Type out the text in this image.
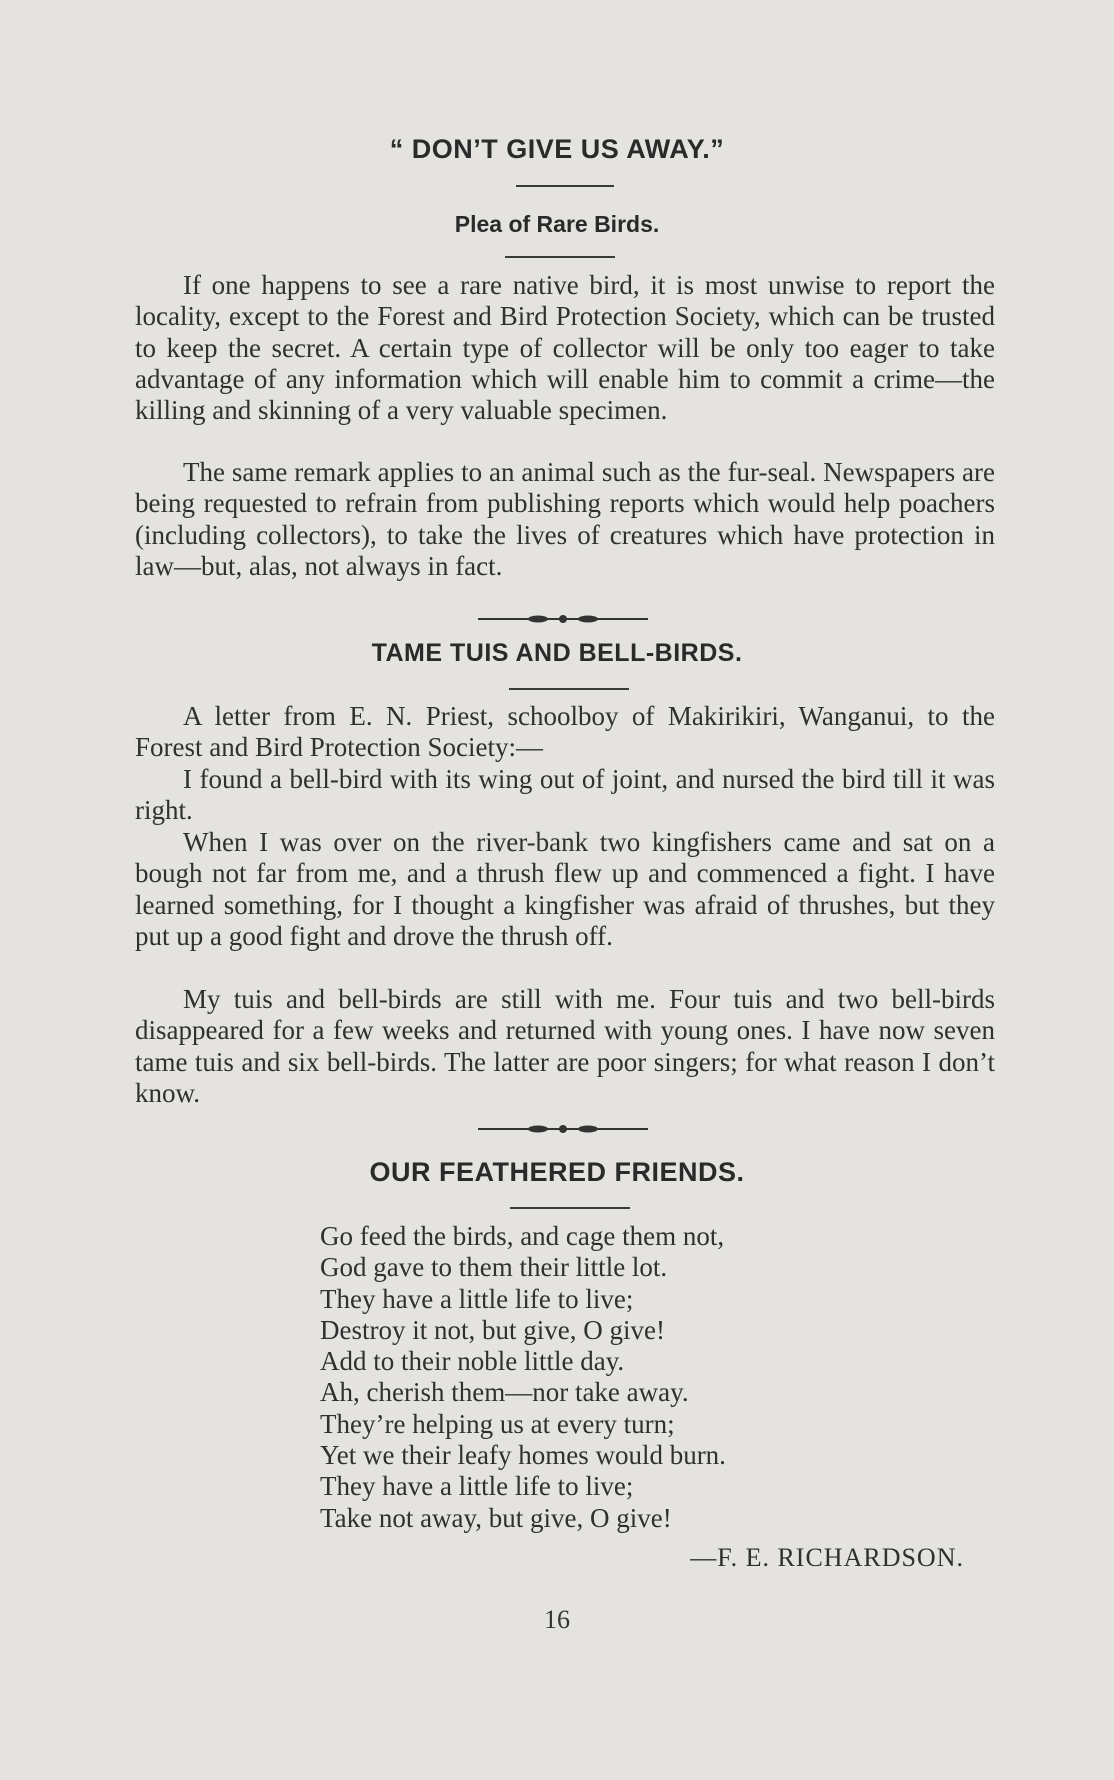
“ DON’T GIVE US AWAY.”
Plea of Rare Birds.

If one happens to see a rare native bird, it is most unwise to report the locality, except to the Forest and Bird Protection Society, which can be trusted to keep the secret. A certain type of collector will be only too eager to take advantage of any information which will enable him to commit a crime—the killing and skinning of a very valuable specimen.

The same remark applies to an animal such as the fur-seal. Newspapers are being requested to refrain from publishing reports which would help poachers (including collectors), to take the lives of creatures which have protection in law—but, alas, not always in fact.

TAME TUIS AND BELL-BIRDS.

A letter from E. N. Priest, schoolboy of Makirikiri, Wanganui, to the Forest and Bird Protection Society:—

I found a bell-bird with its wing out of joint, and nursed the bird till it was right.

When I was over on the river-bank two kingfishers came and sat on a bough not far from me, and a thrush flew up and commenced a fight. I have learned something, for I thought a kingfisher was afraid of thrushes, but they put up a good fight and drove the thrush off.

My tuis and bell-birds are still with me. Four tuis and two bell-birds disappeared for a few weeks and returned with young ones. I have now seven tame tuis and six bell-birds. The latter are poor singers; for what reason I don’t know.

OUR FEATHERED FRIENDS.
Go feed the birds, and cage them not,
God gave to them their little lot.
They have a little life to live;
Destroy it not, but give, O give!
Add to their noble little day.
Ah, cherish them—nor take away.
They’re helping us at every turn;
Yet we their leafy homes would burn.
They have a little life to live;
Take not away, but give, O give!
—F. E. RICHARDSON.
16
